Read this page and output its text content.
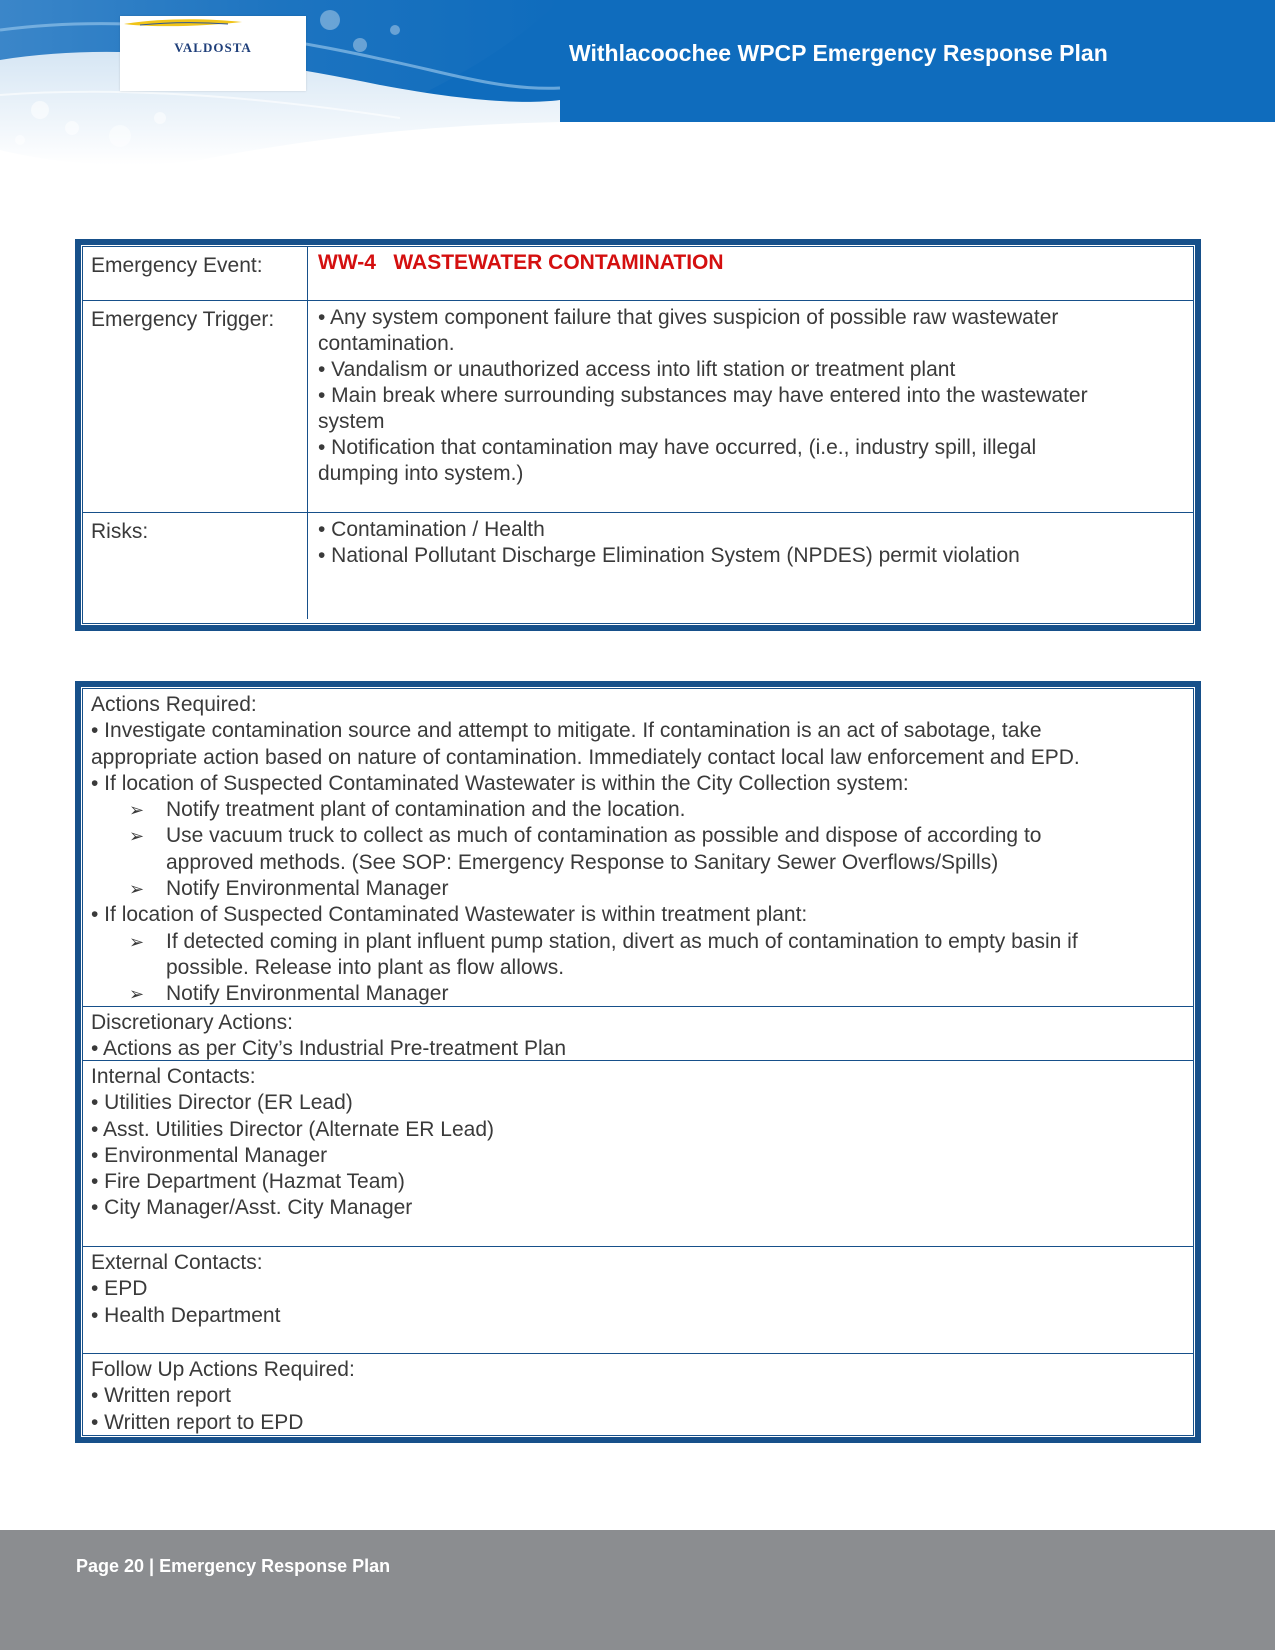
VALDOSTA	Withlacoochee WPCP Emergency Response Plan
Emergency Event:	WW-4   WASTEWATER CONTAMINATION
Emergency Trigger:	• Any system component failure that gives suspicion of possible raw wastewater
contamination.
• Vandalism or unauthorized access into lift station or treatment plant
• Main break where surrounding substances may have entered into the wastewater
system
• Notification that contamination may have occurred, (i.e., industry spill, illegal
dumping into system.)
Risks:	• Contamination / Health
• National Pollutant Discharge Elimination System (NPDES) permit violation
Actions Required:
• Investigate contamination source and attempt to mitigate. If contamination is an act of sabotage, take
appropriate action based on nature of contamination. Immediately contact local law enforcement and EPD.
• If location of Suspected Contaminated Wastewater is within the City Collection system:
➢ Notify treatment plant of contamination and the location.
➢ Use vacuum truck to collect as much of contamination as possible and dispose of according to
approved methods. (See SOP: Emergency Response to Sanitary Sewer Overflows/Spills)
➢ Notify Environmental Manager
• If location of Suspected Contaminated Wastewater is within treatment plant:
➢ If detected coming in plant influent pump station, divert as much of contamination to empty basin if
possible. Release into plant as flow allows.
➢ Notify Environmental Manager
Discretionary Actions:
• Actions as per City’s Industrial Pre-treatment Plan
Internal Contacts:
• Utilities Director (ER Lead)
• Asst. Utilities Director (Alternate ER Lead)
• Environmental Manager
• Fire Department (Hazmat Team)
• City Manager/Asst. City Manager
External Contacts:
• EPD
• Health Department
Follow Up Actions Required:
• Written report
• Written report to EPD
Page 20 | Emergency Response Plan
